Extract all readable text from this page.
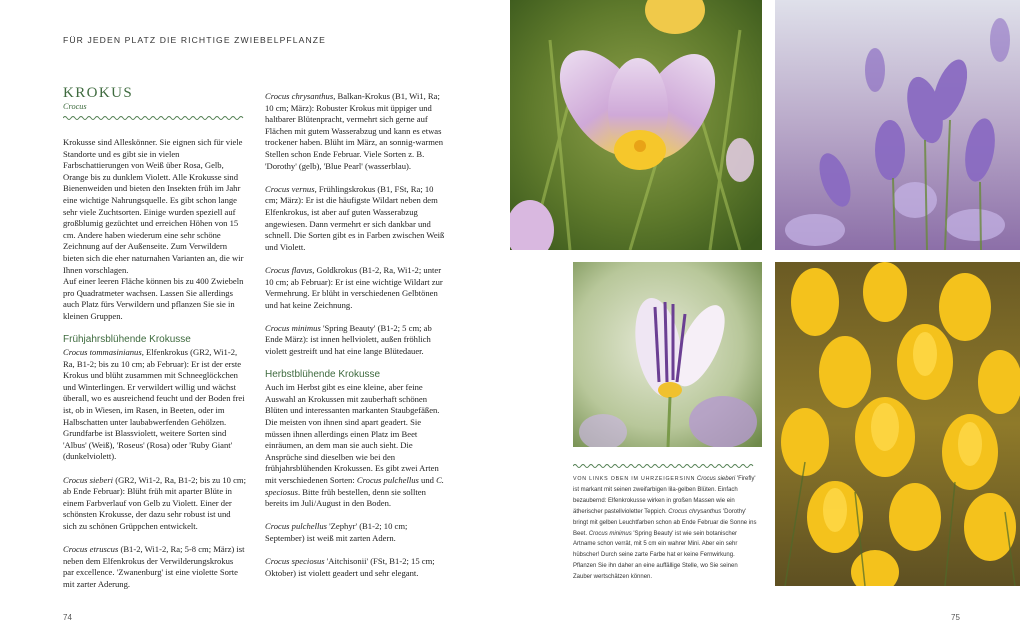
FÜR JEDEN PLATZ DIE RICHTIGE ZWIEBELPFLANZE
KROKUS
Crocus

Krokusse sind Alleskönner. Sie eignen sich für viele Standorte und es gibt sie in vielen Farbschattierungen von Weiß über Rosa, Gelb, Orange bis zu dunklem Violett. Alle Krokusse sind Bienenweiden und bieten den Insekten früh im Jahr eine wichtige Nahrungsquelle. Es gibt schon lange sehr viele Zuchtsorten. Einige wurden speziell auf großblumig gezüchtet und erreichen Höhen von 15 cm. Andere haben wiederum eine sehr schöne Zeichnung auf der Außenseite. Zum Verwildern bieten sich die eher naturnahen Varianten an, die wir Ihnen vorschlagen.

Auf einer leeren Fläche können bis zu 400 Zwiebeln pro Quadratmeter wachsen. Lassen Sie allerdings auch Platz fürs Verwildern und pflanzen Sie sie in kleinen Gruppen.

Frühjahrsblühende Krokusse

Crocus tommasinianus, Elfenkrokus (GR2, Wi1-2, Ra, B1-2; bis zu 10 cm; ab Februar): Er ist der erste Krokus und blüht zusammen mit Schneeglöckchen und Winterlingen. Er verwildert willig und wächst überall, wo es ausreichend feucht und der Boden frei ist, ob in Wiesen, im Rasen, in Beeten, oder im Halbschatten unter laubabwerfenden Gehölzen. Grundfarbe ist Blassviolett, weitere Sorten sind 'Albus' (Weiß), 'Roseus' (Rosa) oder 'Ruby Giant' (dunkelviolett).

Crocus sieberi (GR2, Wi1-2, Ra, B1-2; bis zu 10 cm; ab Ende Februar): Blüht früh mit aparter Blüte in einem Farbverlauf von Gelb zu Violett. Einer der schönsten Krokusse, der dazu sehr robust ist und sich zu schönen Grüppchen entwickelt.

Crocus etruscus (B1-2, Wi1-2, Ra; 5-8 cm; März) ist neben dem Elfenkrokus der Verwilderungskrokus par excellence. 'Zwanenburg' ist eine violette Sorte mit zarter Aderung.

Crocus chrysanthus, Balkan-Krokus (B1, Wi1, Ra; 10 cm; März): Robuster Krokus mit üppiger und haltbarer Blütenpracht, vermehrt sich gerne auf Flächen mit gutem Wasserabzug und kann es etwas trockener haben. Blüht im März, an sonnig-warmen Stellen schon Ende Februar. Viele Sorten z. B. 'Dorothy' (gelb), 'Blue Pearl' (wasserblau).

Crocus vernus, Frühlingskrokus (B1, FSt, Ra; 10 cm; März): Er ist die häufigste Wildart neben dem Elfenkrokus, ist aber auf guten Wasserabzug angewiesen. Dann vermehrt er sich dankbar und schnell. Die Sorten gibt es in Farben zwischen Weiß und Violett.

Crocus flavus, Goldkrokus (B1-2, Ra, Wi1-2; unter 10 cm; ab Februar): Er ist eine wichtige Wildart zur Vermehrung. Er blüht in verschiedenen Gelbtönen und hat keine Zeichnung.

Crocus minimus 'Spring Beauty' (B1-2; 5 cm; ab Ende März): ist innen hellviolett, außen fröhlich violett gestreift und hat eine lange Blütedauer.

Herbstblühende Krokusse

Auch im Herbst gibt es eine kleine, aber feine Auswahl an Krokussen mit zauberhaft schönen Blüten und interessanten markanten Staubgefäßen. Die meisten von ihnen sind apart geadert. Sie müssen ihnen allerdings einen Platz im Beet einräumen, an dem man sie auch sieht. Die Ansprüche sind dieselben wie bei den frühjahrsblühenden Krokussen. Es gibt zwei Arten mit verschiedenen Sorten: Crocus pulchellus und C. speciosus. Bitte früh bestellen, denn sie sollten bereits im Juli/August in den Boden.

Crocus pulchellus 'Zephyr' (B1-2; 10 cm; September) ist weiß mit zarten Adern.

Crocus speciosus 'Aitchisonii' (FSt, B1-2; 15 cm; Oktober) ist violett geadert und sehr elegant.

VON LINKS OBEN IM UHRZEIGERSINN Crocus sieberi 'Firefly' ist markant mit seinen zweifarbigen lila-gelben Blüten. Einfach bezaubernd: Elfenkrokusse wirken in großen Massen wie ein ätherischer pastellvioletter Teppich. Crocus chrysanthus 'Dorothy' bringt mit gelben Leuchtfarben schon ab Ende Februar die Sonne ins Beet. Crocus minimus 'Spring Beauty' ist wie sein botanischer Artname schon verrät, mit 5 cm ein wahrer Mini. Aber ein sehr hübscher! Durch seine zarte Farbe hat er keine Fernwirkung. Pflanzen Sie ihn daher an eine auffällige Stelle, wo Sie seinen Zauber wertschätzen können.
74	75
